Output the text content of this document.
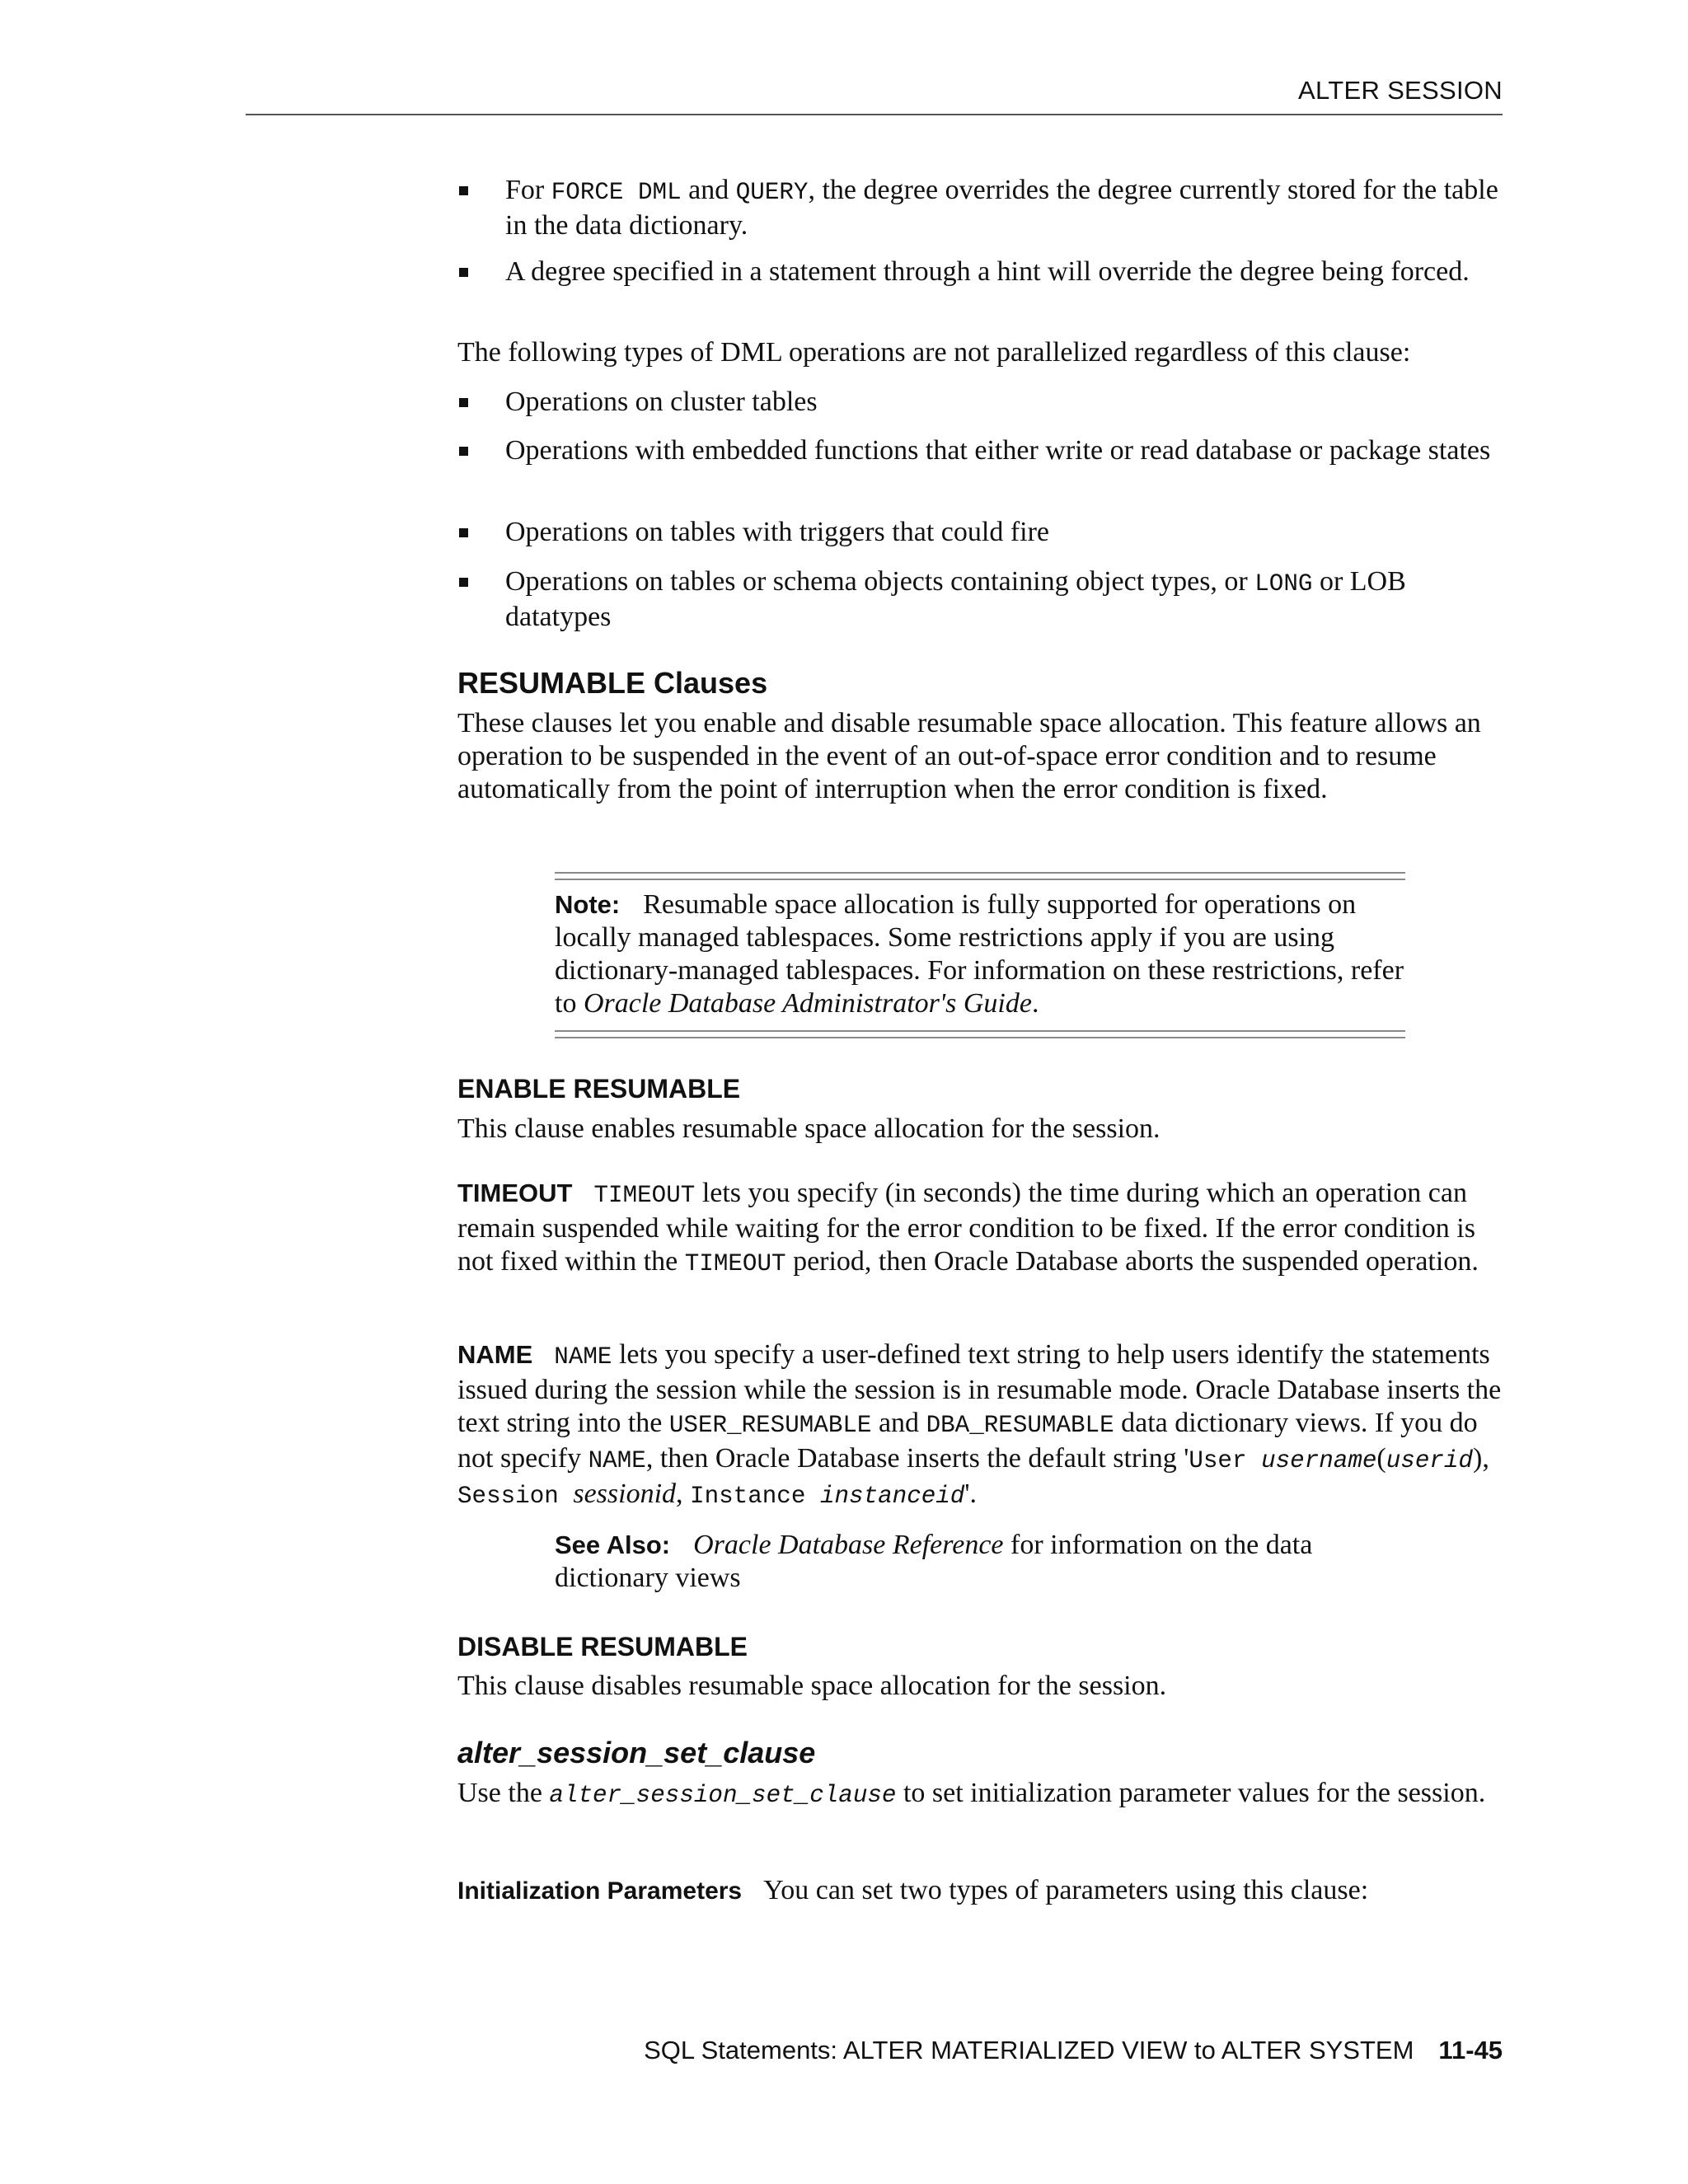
ALTER SESSION
For FORCE DML and QUERY, the degree overrides the degree currently stored for the table in the data dictionary.
A degree specified in a statement through a hint will override the degree being forced.
The following types of DML operations are not parallelized regardless of this clause:
Operations on cluster tables
Operations with embedded functions that either write or read database or package states
Operations on tables with triggers that could fire
Operations on tables or schema objects containing object types, or LONG or LOB datatypes
RESUMABLE Clauses
These clauses let you enable and disable resumable space allocation. This feature allows an operation to be suspended in the event of an out-of-space error condition and to resume automatically from the point of interruption when the error condition is fixed.
Note: Resumable space allocation is fully supported for operations on locally managed tablespaces. Some restrictions apply if you are using dictionary-managed tablespaces. For information on these restrictions, refer to Oracle Database Administrator's Guide.
ENABLE RESUMABLE
This clause enables resumable space allocation for the session.
TIMEOUT TIMEOUT lets you specify (in seconds) the time during which an operation can remain suspended while waiting for the error condition to be fixed. If the error condition is not fixed within the TIMEOUT period, then Oracle Database aborts the suspended operation.
NAME NAME lets you specify a user-defined text string to help users identify the statements issued during the session while the session is in resumable mode. Oracle Database inserts the text string into the USER_RESUMABLE and DBA_RESUMABLE data dictionary views. If you do not specify NAME, then Oracle Database inserts the default string 'User username(userid), Session sessionid, Instance instanceid'.
See Also: Oracle Database Reference for information on the data dictionary views
DISABLE RESUMABLE
This clause disables resumable space allocation for the session.
alter_session_set_clause
Use the alter_session_set_clause to set initialization parameter values for the session.
Initialization Parameters You can set two types of parameters using this clause:
SQL Statements: ALTER MATERIALIZED VIEW to ALTER SYSTEM 11-45
